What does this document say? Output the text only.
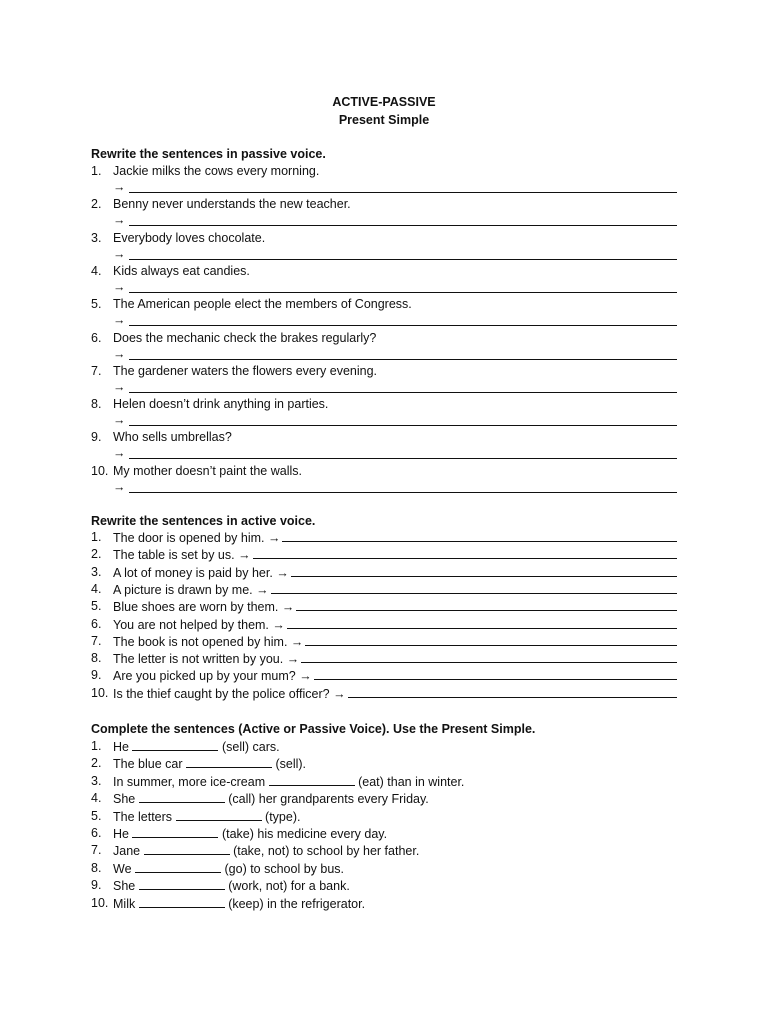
ACTIVE-PASSIVE
Present Simple
Rewrite the sentences in passive voice.
1. Jackie milks the cows every morning.
→
2. Benny never understands the new teacher.
→
3. Everybody loves chocolate.
→
4. Kids always eat candies.
→
5. The American people elect the members of Congress.
→
6. Does the mechanic check the brakes regularly?
→
7. The gardener waters the flowers every evening.
→
8. Helen doesn’t drink anything in parties.
→
9. Who sells umbrellas?
→
10. My mother doesn’t paint the walls.
→
Rewrite the sentences in active voice.
1. The door is opened by him. →
2. The table is set by us. →
3. A lot of money is paid by her. →
4. A picture is drawn by me. →
5. Blue shoes are worn by them. →
6. You are not helped by them. →
7. The book is not opened by him. →
8. The letter is not written by you. →
9. Are you picked up by your mum? →
10. Is the thief caught by the police officer? →
Complete the sentences (Active or Passive Voice). Use the Present Simple.
1. He	(sell) cars.
2. The blue car	(sell).
3. In summer, more ice-cream	(eat) than in winter.
4. She	(call) her grandparents every Friday.
5. The letters	(type).
6. He	(take) his medicine every day.
7. Jane	(take, not) to school by her father.
8. We	(go) to school by bus.
9. She	(work, not) for a bank.
10. Milk	(keep) in the refrigerator.
